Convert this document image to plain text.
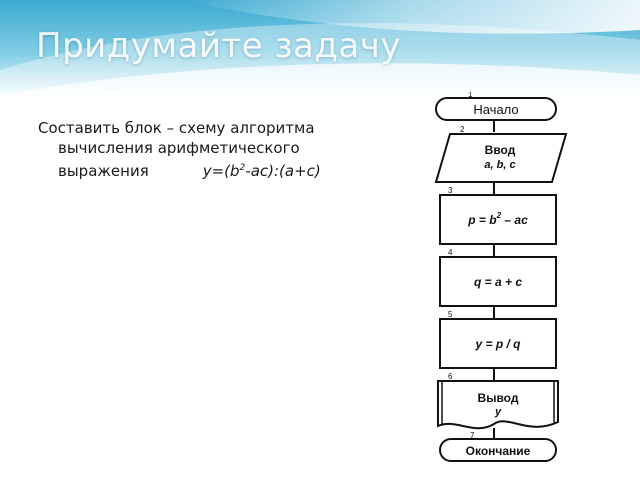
Придумайте задачу
пр с
Составить блок – схему алгоритма
вычисления арифметического
выражения	$y=(b^2-ac):(a+c)$
1
Начало
2
Ввод
a, b, c
3
$p = b^2$ – ac
4
q = a + c
5
y = p / q
6
Вывод
y
7
Окончание
